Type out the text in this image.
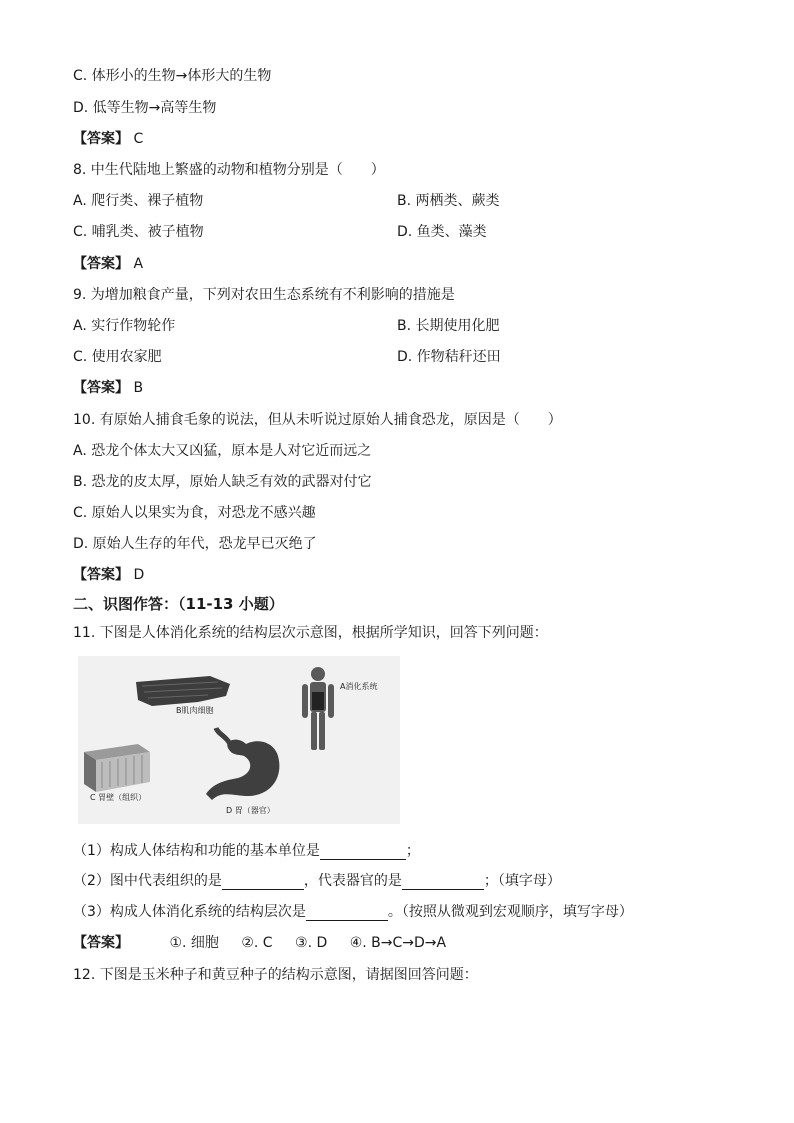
C. 体形小的生物→体形大的生物
D. 低等生物→高等生物
【答案】 C
8. 中生代陆地上繁盛的动物和植物分别是（　　）
A. 爬行类、裸子植物	B. 两栖类、蕨类
C. 哺乳类、被子植物	D. 鱼类、藻类
【答案】 A
9. 为增加粮食产量，下列对农田生态系统有不利影响的措施是
A. 实行作物轮作	B. 长期使用化肥
C. 使用农家肥	D. 作物秸秆还田
【答案】 B
10. 有原始人捕食毛象的说法，但从未听说过原始人捕食恐龙，原因是（　　）
A. 恐龙个体太大又凶猛，原本是人对它近而远之
B. 恐龙的皮太厚，原始人缺乏有效的武器对付它
C. 原始人以果实为食，对恐龙不感兴趣
D. 原始人生存的年代，恐龙早已灭绝了
【答案】 D
二、识图作答：（11-13 小题）
11. 下图是人体消化系统的结构层次示意图，根据所学知识，回答下列问题：
A消化系统
B肌肉细胞
C 胃壁（组织）
D 胃（器官）
（1）构成人体结构和功能的基本单位是	；
（2）图中代表组织的是	，代表器官的是	；（填字母）
（3）构成人体消化系统的结构层次是	。（按照从微观到宏观顺序，填写字母）
【答案】	①. 细胞 ②. C ③. D ④. B→C→D→A
12. 下图是玉米种子和黄豆种子的结构示意图，请据图回答问题：
